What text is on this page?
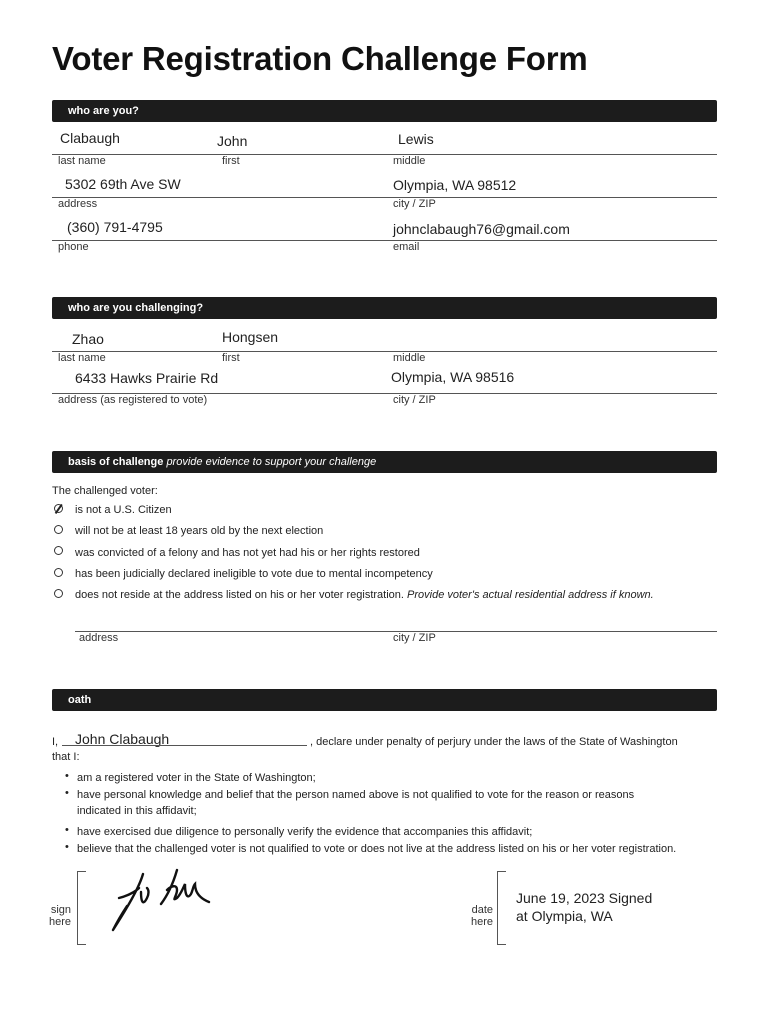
Voter Registration Challenge Form
who are you?
Clabaugh	John	Lewis
last name	first	middle
5302 69th Ave SW	Olympia, WA 98512
address	city / ZIP
(360) 791-4795	johnclabaugh76@gmail.com
phone	email
who are you challenging?
Zhao	Hongsen
last name	first	middle
6433 Hawks Prairie Rd	Olympia, WA 98516
address (as registered to vote)	city / ZIP
basis of challenge provide evidence to support your challenge
The challenged voter:
is not a U.S. Citizen
will not be at least 18 years old by the next election
was convicted of a felony and has not yet had his or her rights restored
has been judicially declared ineligible to vote due to mental incompetency
does not reside at the address listed on his or her voter registration. Provide voter's actual residential address if known.
address	city / ZIP
oath
I, John Clabaugh	, declare under penalty of perjury under the laws of the State of Washington
that I:
• am a registered voter in the State of Washington;
• have personal knowledge and belief that the person named above is not qualified to vote for the reason or reasons
indicated in this affidavit;
• have exercised due diligence to personally verify the evidence that accompanies this affidavit;
• believe that the challenged voter is not qualified to vote or does not live at the address listed on his or her voter registration.
sign
here
date
here
June 19, 2023 Signed
at Olympia, WA
